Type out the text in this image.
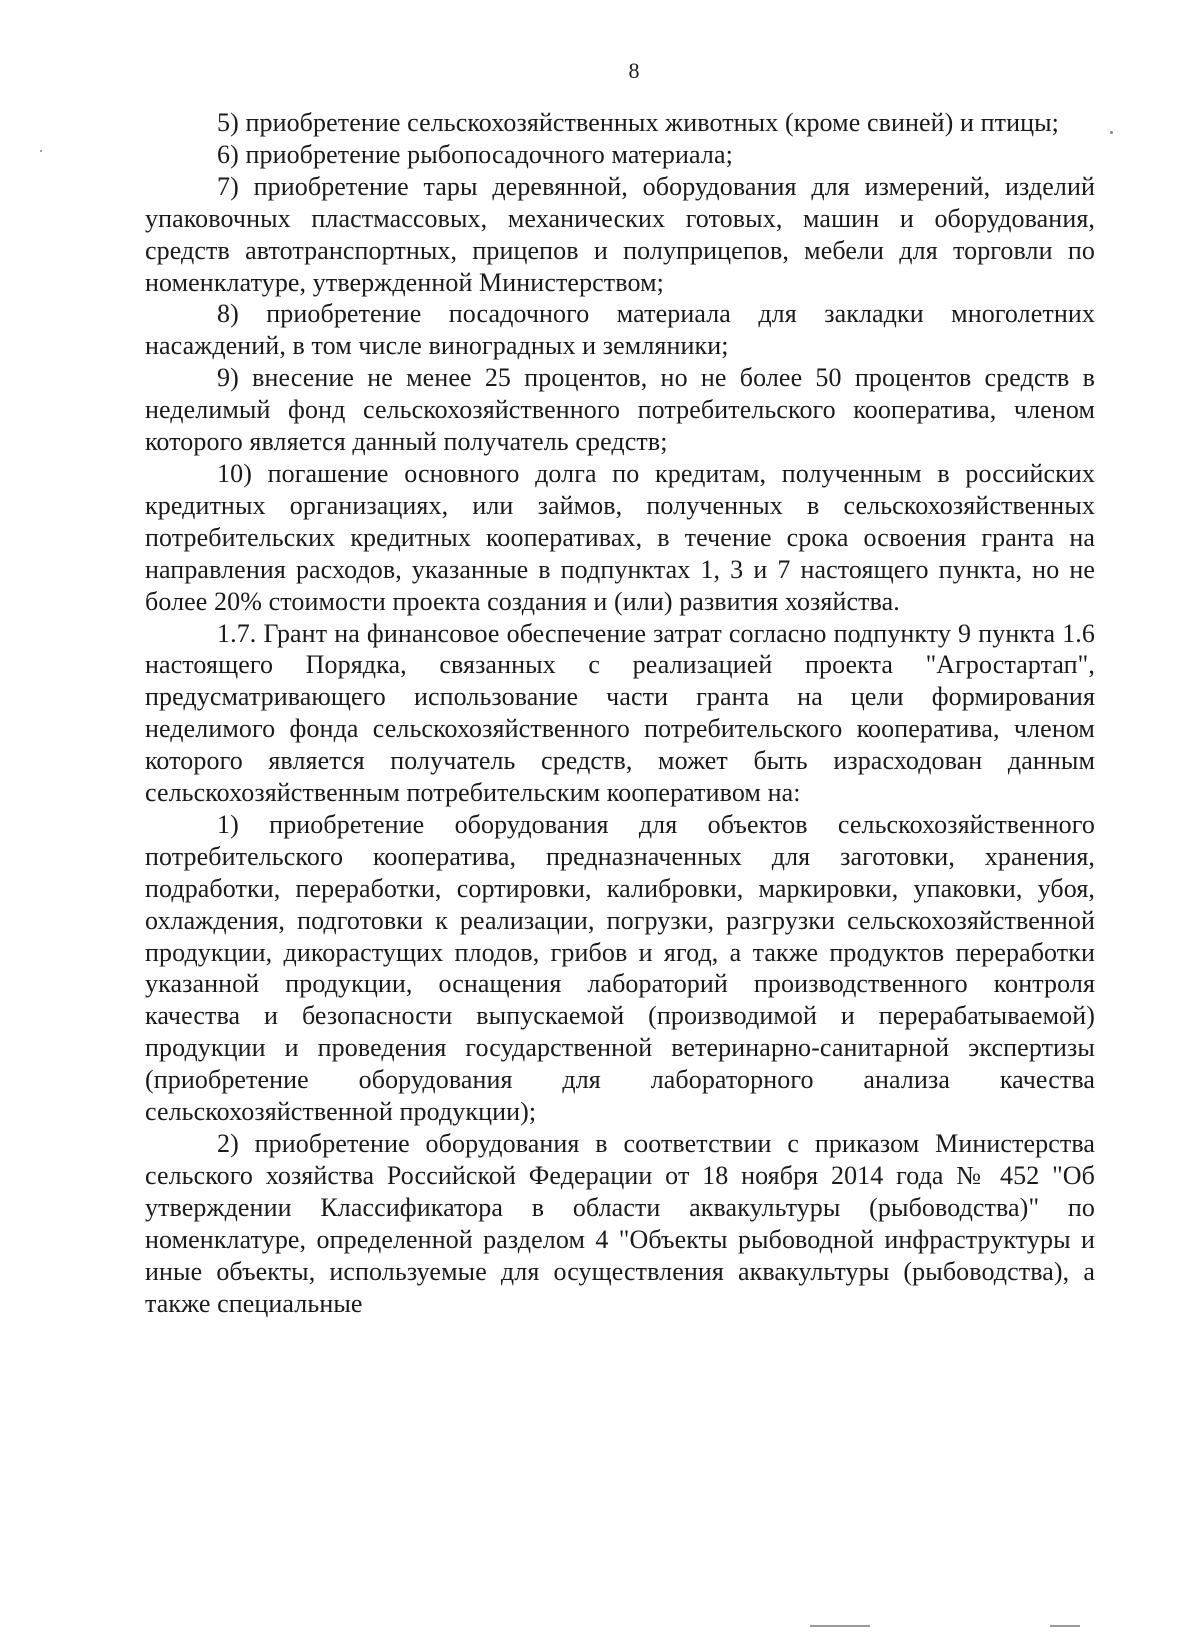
8

5) приобретение сельскохозяйственных животных (кроме свиней) и птицы;

6) приобретение рыбопосадочного материала;

7) приобретение тары деревянной, оборудования для измерений, изделий упаковочных пластмассовых, механических готовых, машин и оборудования, средств автотранспортных, прицепов и полуприцепов, мебели для торговли по номенклатуре, утвержденной Министерством;

8) приобретение посадочного материала для закладки многолетних насаждений, в том числе виноградных и земляники;

9) внесение не менее 25 процентов, но не более 50 процентов средств в неделимый фонд сельскохозяйственного потребительского кооператива, членом которого является данный получатель средств;

10) погашение основного долга по кредитам, полученным в российских кредитных организациях, или займов, полученных в сельскохозяйственных потребительских кредитных кооперативах, в течение срока освоения гранта на направления расходов, указанные в подпунктах 1, 3 и 7 настоящего пункта, но не более 20% стоимости проекта создания и (или) развития хозяйства.

1.7. Грант на финансовое обеспечение затрат согласно подпункту 9 пункта 1.6 настоящего Порядка, связанных с реализацией проекта "Агростартап", предусматривающего использование части гранта на цели формирования неделимого фонда сельскохозяйственного потребительского кооператива, членом которого является получатель средств, может быть израсходован данным сельскохозяйственным потребительским кооперативом на:

1) приобретение оборудования для объектов сельскохозяйственного потребительского кооператива, предназначенных для заготовки, хранения, подработки, переработки, сортировки, калибровки, маркировки, упаковки, убоя, охлаждения, подготовки к реализации, погрузки, разгрузки сельскохозяйственной продукции, дикорастущих плодов, грибов и ягод, а также продуктов переработки указанной продукции, оснащения лабораторий производственного контроля качества и безопасности выпускаемой (производимой и перерабатываемой) продукции и проведения государственной ветеринарно-санитарной экспертизы (приобретение оборудования для лабораторного анализа качества сельскохозяйственной продукции);

2) приобретение оборудования в соответствии с приказом Министерства сельского хозяйства Российской Федерации от 18 ноября 2014 года № 452 "Об утверждении Классификатора в области аквакультуры (рыбоводства)" по номенклатуре, определенной разделом 4 "Объекты рыбоводной инфраструктуры и иные объекты, используемые для осуществления аквакультуры (рыбоводства), а также специальные
